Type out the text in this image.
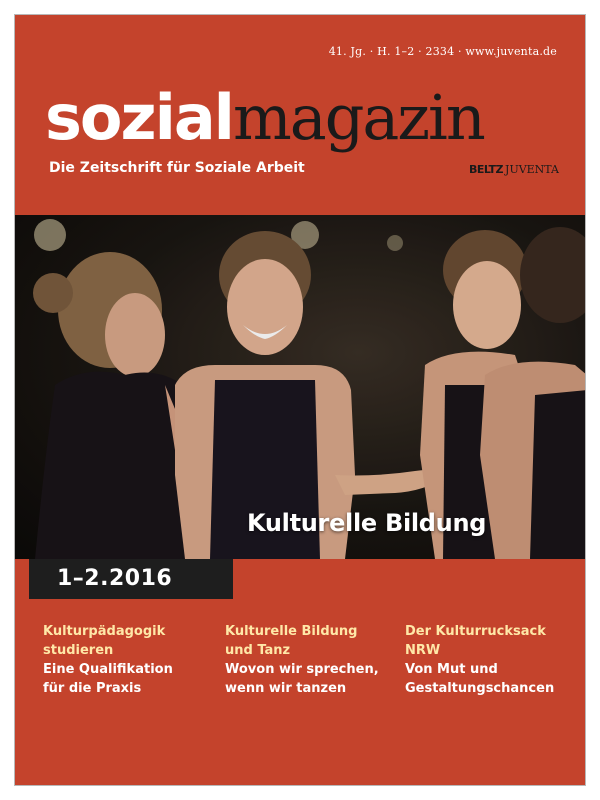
41. Jg. · H. 1–2 · 2334 · www.juventa.de
sozialmagazin
Die Zeitschrift für Soziale Arbeit	BELTZ JUVENTA
Kulturelle Bildung
1–2.2016
Kulturpädagogik
studieren
Eine Qualifikation
für die Praxis
Kulturelle Bildung
und Tanz
Wovon wir sprechen,
wenn wir tanzen
Der Kulturrucksack NRW
Von Mut und
Gestaltungschancen
